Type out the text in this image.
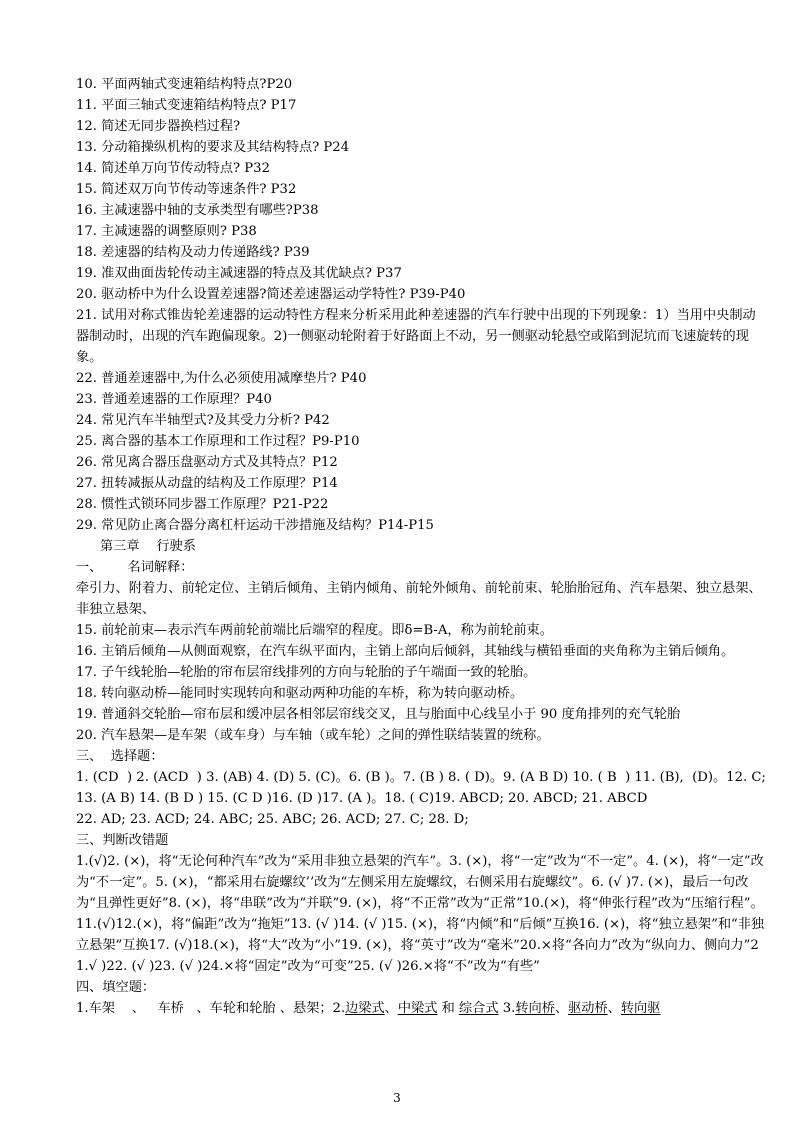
10. 平面两轴式变速箱结构特点?P20
11. 平面三轴式变速箱结构特点? P17
12. 简述无同步器换档过程?
13. 分动箱操纵机构的要求及其结构特点? P24
14. 简述单万向节传动特点? P32
15. 简述双万向节传动等速条件? P32
16. 主减速器中轴的支承类型有哪些?P38
17. 主减速器的调整原则? P38
18. 差速器的结构及动力传递路线? P39
19. 准双曲面齿轮传动主减速器的特点及其优缺点? P37
20. 驱动桥中为什么设置差速器?简述差速器运动学特性? P39-P40
21. 试用对称式锥齿轮差速器的运动特性方程来分析采用此种差速器的汽车行驶中出现的下列现象：1）当用中央制动器制动时，出现的汽车跑偏现象。2)一侧驱动轮附着于好路面上不动，另一侧驱动轮悬空或陷到泥坑而飞速旋转的现象。
22. 普通差速器中,为什么必须使用减摩垫片? P40
23. 普通差速器的工作原理？P40
24. 常见汽车半轴型式?及其受力分析? P42
25. 离合器的基本工作原理和工作过程？P9-P10
26. 常见离合器压盘驱动方式及其特点？P12
27. 扭转减振从动盘的结构及工作原理？P14
28. 惯性式锁环同步器工作原理？P21-P22
29. 常见防止离合器分离杠杆运动干涉措施及结构？P14-P15
第三章    行驶系
一、      名词解释：
牵引力、附着力、前轮定位、主销后倾角、主销内倾角、前轮外倾角、前轮前束、轮胎胎冠角、汽车悬架、独立悬架、非独立悬架、
15. 前轮前束—表示汽车两前轮前端比后端窄的程度。即δ=B-A，称为前轮前束。
16. 主销后倾角—从侧面观察，在汽车纵平面内，主销上部向后倾斜，其轴线与横铅垂面的夹角称为主销后倾角。
17. 子午线轮胎—轮胎的帘布层帘线排列的方向与轮胎的子午端面一致的轮胎。
18. 转向驱动桥—能同时实现转向和驱动两种功能的车桥，称为转向驱动桥。
19. 普通斜交轮胎—帘布层和缓冲层各相邻层帘线交叉，且与胎面中心线呈小于 90 度角排列的充气轮胎
20. 汽车悬架—是车架（或车身）与车轴（或车轮）之间的弹性联结装置的统称。
三、  选择题：
1. (CD  ) 2. (ACD  ) 3. (AB) 4. (D) 5. (C)。6. (B )。7. (B ) 8. ( D)。9. (A B D) 10. ( B  ) 11. (B),  (D)。12. C; 13. (A B) 14. (B D ) 15. (C D )16. (D )17. (A )。18. ( C)19. ABCD; 20. ABCD; 21. ABCD
22. AD; 23. ACD; 24. ABC; 25. ABC; 26. ACD; 27. C; 28. D;
三、判断改错题
1.(√)2. (×)，将“无论何种汽车”改为“采用非独立悬架的汽车”。3. (×)，将“一定”改为“不一定”。4. (×)，将“一定”改为“不一定”。5. (×)，“都采用右旋螺纹’’改为“左侧采用左旋螺纹，右侧采用右旋螺纹”。6. (√ )7. (×)，最后一句改为“且弹性更好”8. (×)，将“串联”改为“并联”9. (×)，将“不正常”改为“正常”10.(×)，将“伸张行程”改为“压缩行程”。11.(√)12.(×)，将“偏距”改为“拖矩”13. (√ )14. (√ )15. (×)，将“内倾”和“后倾”互换16. (×)，将“独立悬架”和“非独立悬架”互换17. (√)18.(×)，将“大”改为“小”19. (×)，将“英寸”改为“毫米”20.×将“各向力”改为“纵向力、侧向力”21.√ )22. (√ )23. (√ )24.×将“固定”改为“可变”25. (√ )26.×将“不”改为“有些”
四、填空题：
1.车架    、   车桥   、车轮和轮胎 、悬架；2.边梁式、中梁式 和 综合式 3.转向桥、驱动桥、转向驱
3
